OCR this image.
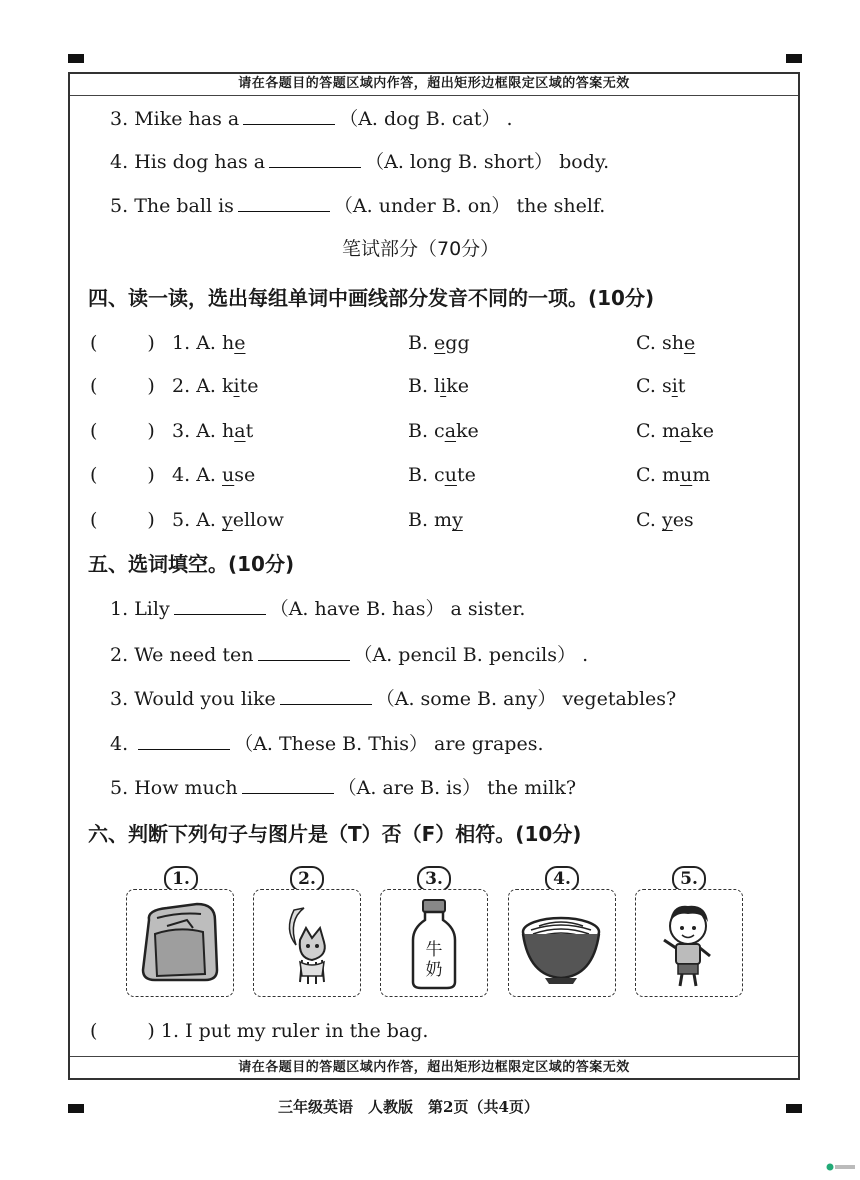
请在各题目的答题区域内作答，超出矩形边框限定区域的答案无效
请在各题目的答题区域内作答，超出矩形边框限定区域的答案无效
3. Mike has a	（A. dog B. cat） .
4. His dog has a	（A. long B. short） body.
5. The ball is	（A. under B. on） the shelf.
笔试部分（70分）
四、读一读，选出每组单词中画线部分发音不同的一项。(10分)
(	) 1. A. he	B. egg	C. she
(	) 2. A. kite	B. like	C. sit
(	) 3. A. hat	B. cake	C. make
(	) 4. A. use	B. cute	C. mum
(	) 5. A. yellow	B. my	C. yes
五、选词填空。(10分)
1. Lily	（A. have B. has） a sister.
2. We need ten	（A. pencil B. pencils） .
3. Would you like	（A. some B. any） vegetables?
4.	（A. These B. This） are grapes.
5. How much	（A. are B. is） the milk?
六、判断下列句子与图片是（T）否（F）相符。(10分)
1.	2.	3.
牛奶
4.	5.
(	) 1. I put my ruler in the bag.
三年级英语　人教版　第2页（共4页）
